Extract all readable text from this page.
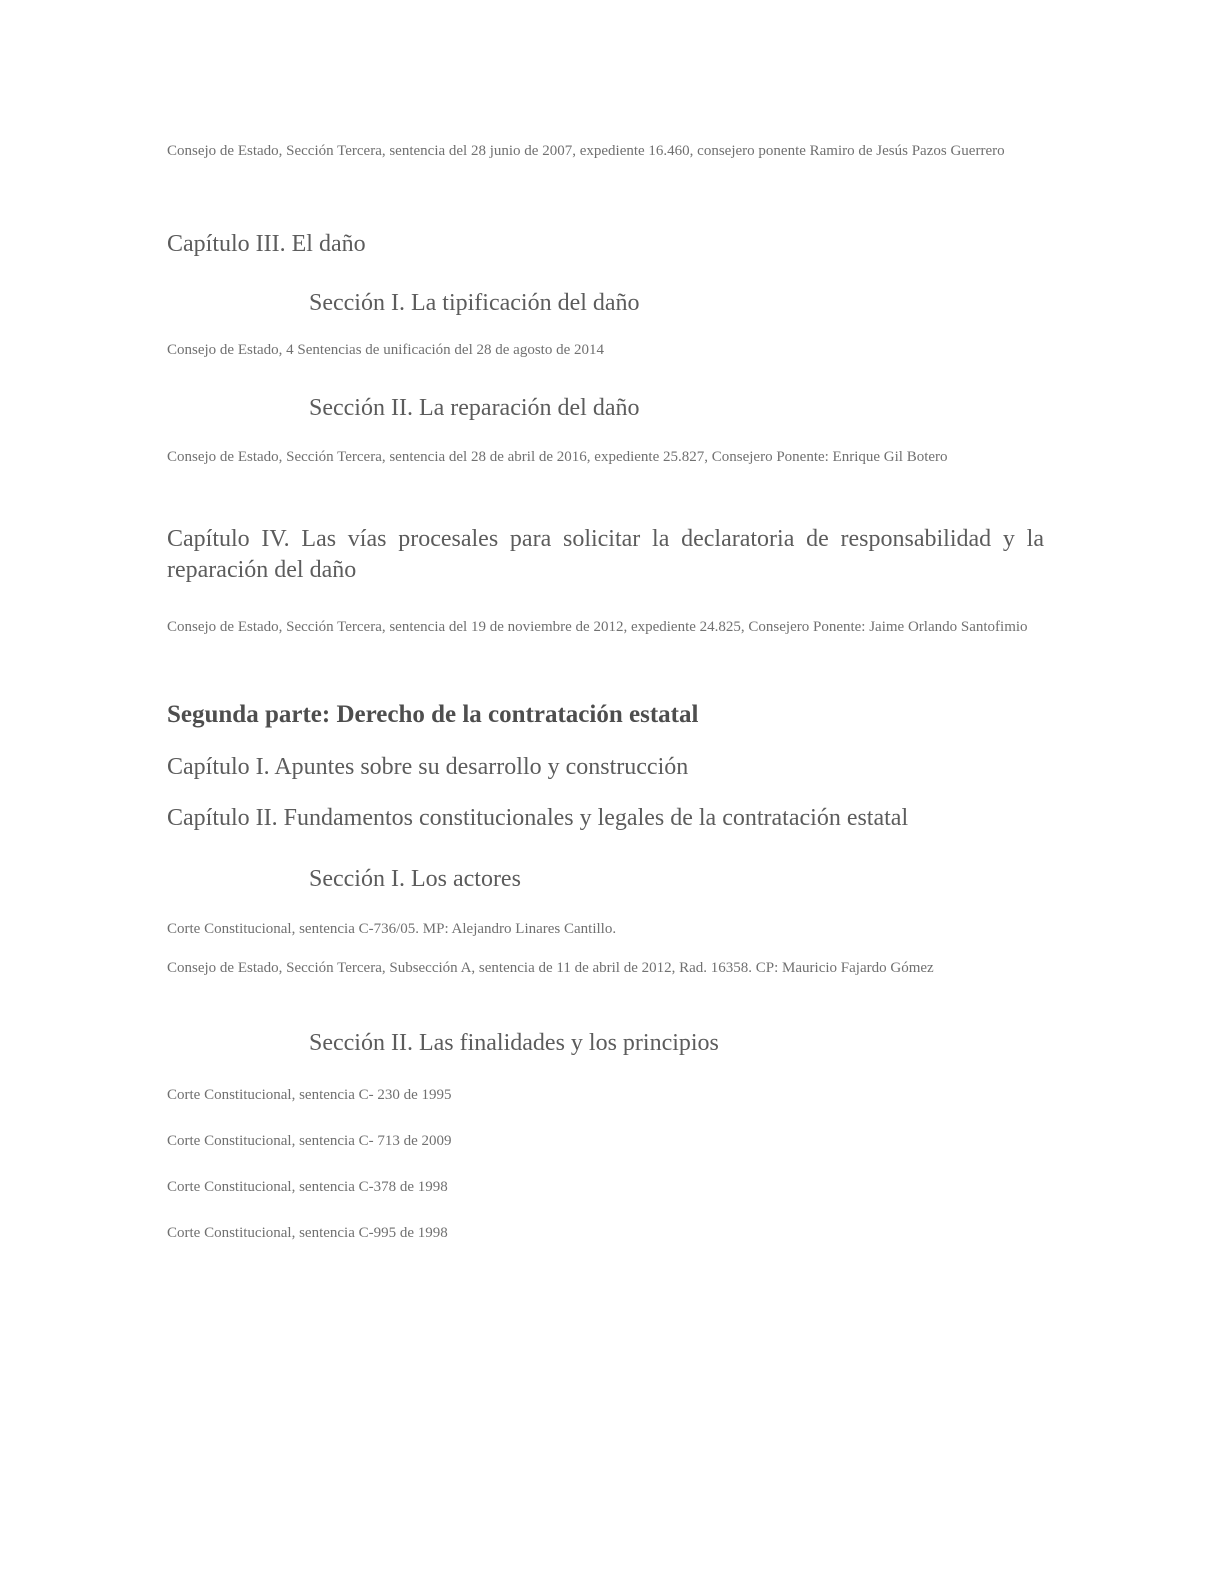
Consejo de Estado, Sección Tercera, sentencia del 28 junio de 2007, expediente 16.460, consejero ponente Ramiro de Jesús Pazos Guerrero

Capítulo III. El daño

Sección I. La tipificación del daño

Consejo de Estado, 4 Sentencias de unificación del 28 de agosto de 2014

Sección II. La reparación del daño

Consejo de Estado, Sección Tercera, sentencia del 28 de abril de 2016, expediente 25.827, Consejero Ponente: Enrique Gil Botero

Capítulo IV. Las vías procesales para solicitar la declaratoria de responsabilidad y la reparación del daño

Consejo de Estado, Sección Tercera, sentencia del 19 de noviembre de 2012, expediente 24.825, Consejero Ponente: Jaime Orlando Santofimio

Segunda parte: Derecho de la contratación estatal

Capítulo I. Apuntes sobre su desarrollo y construcción

Capítulo II. Fundamentos constitucionales y legales de la contratación estatal

Sección I. Los actores

Corte Constitucional, sentencia C-736/05. MP: Alejandro Linares Cantillo.

Consejo de Estado, Sección Tercera, Subsección A, sentencia de 11 de abril de 2012, Rad. 16358. CP: Mauricio Fajardo Gómez

Sección II. Las finalidades y los principios

Corte Constitucional, sentencia C- 230 de 1995

Corte Constitucional, sentencia C- 713 de 2009

Corte Constitucional, sentencia C-378 de 1998

Corte Constitucional, sentencia C-995 de 1998
